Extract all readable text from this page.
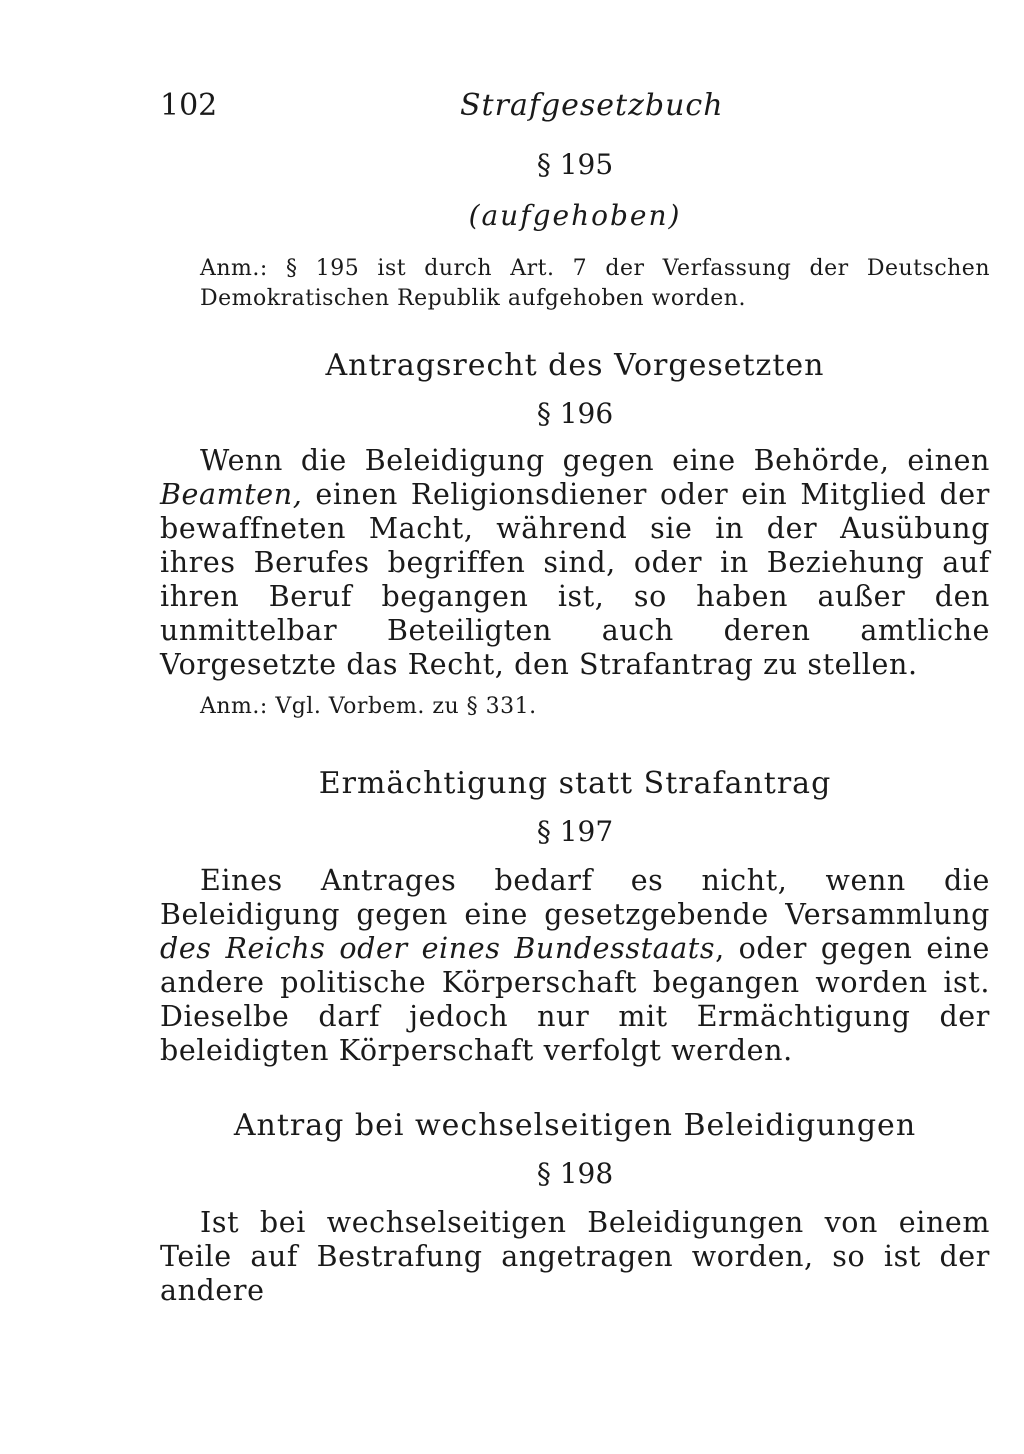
102	Strafgesetzbuch
§ 195
(aufgehoben)

Anm.: § 195 ist durch Art. 7 der Verfassung der Deutschen Demokratischen Republik aufgehoben worden.

Antragsrecht des Vorgesetzten
§ 196

Wenn die Beleidigung gegen eine Behörde, einen Beamten, einen Religionsdiener oder ein Mitglied der bewaffneten Macht, während sie in der Ausübung ihres Berufes begriffen sind, oder in Beziehung auf ihren Beruf begangen ist, so haben außer den unmittelbar Beteiligten auch deren amtliche Vorgesetzte das Recht, den Strafantrag zu stellen.

Anm.: Vgl. Vorbem. zu § 331.

Ermächtigung statt Strafantrag
§ 197

Eines Antrages bedarf es nicht, wenn die Beleidigung gegen eine gesetzgebende Versammlung des Reichs oder eines Bundesstaats, oder gegen eine andere politische Körperschaft begangen worden ist. Dieselbe darf jedoch nur mit Ermächtigung der beleidigten Körperschaft verfolgt werden.

Antrag bei wechselseitigen Beleidigungen
§ 198

Ist bei wechselseitigen Beleidigungen von einem Teile auf Bestrafung angetragen worden, so ist der andere
